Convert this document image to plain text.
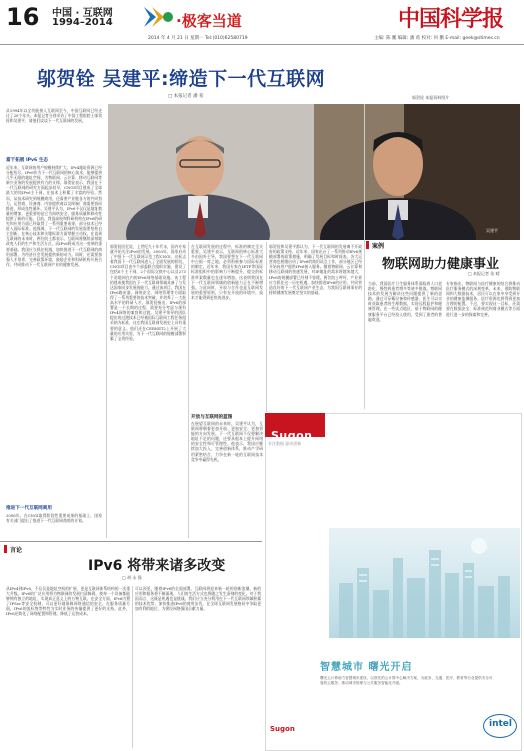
16	中国 · 互联网
1994–2014	·极客当道
2014 年 4 月 21 日 星期一 Tel:(010)62580719
中国科学报
主编: 陈 鹏 编辑: 潘 希 校对: 何 鹏 E-mail: geek@stimes.cn
邬贺铨 吴建平:缔造下一代互联网
□ 本报记者 潘 希	邬贺铨 本报资料图片
吴建平
从1994年以全功能接入互联网至今，中国互联网已经走过了20个年头。本报记者分别采访了中国工程院院士邬贺铨和吴建平，请他们谈谈下一代互联网的发展。
富于拓展 IPv6 生态
近年来，互联网的用户规模持续扩大，IPv4地址资源已经分配殆尽。IPv6作为下一代互联网的核心技术，能够提供几乎无限的地址空间，为物联网、云计算、移动互联网等新兴业务的发展提供有力的支撑。邬贺铨表示，我国在下一代互联网的研究方面起步较早，CNGI项目建成了全球最大的纯IPv6主干网，在技术上积累了丰富的经验。然而，从技术研究到规模商用，还需要产业链各方的共同努力。运营商、设备商、内容提供商以及终端厂商需要协同推进，形成良性循环。吴建平认为，IPv6不仅仅是地址数量的增加，更重要的是它为网络安全、服务质量和移动性提供了新的可能。目前，我国高校和科研机构在IPv6的研究和应用方面已经取得了一系列重要成果，部分技术已经进入国际标准。他强调，下一代互联网的发展需要坚持自主创新，在核心技术和关键标准方面掌握主动权。在谈到互联网的未来时，两位院士都表示，互联网将继续深刻地改变人们的生产和生活方式，而IPv6将成为这一变革的重要基础。我国应当抓住机遇，加快推进下一代互联网的商用部署，为经济社会发展提供新的动力。同时，还需要加强人才培养，完善政策环境，鼓励企业和科研机构开展合作，共同推动下一代互联网产业的健康发展。
推进下一代互联网商用
2006年，在CNGI取得阶段性重要成果的基础上，国家有关部门提出了推进下一代互联网商用的计划。
邬贺铨回忆说，上世纪九十年代末，国内专家就开始关注IPv6的发展。2003年，国家启动了中国下一代互联网示范工程CNGI，这标志着我国下一代互联网进入了全面发展的阶段。CNGI项目由多个部委联合组织实施，建设了包括6个主干网、2个国际交换中心以及273个驻地网在内的IPv6网络基础设施。该工程的建成使我国在下一代互联网领域具备了与发达国家同步发展的能力。通过该项目，我国在IPv6路由器、网络安全、网络管理等方面取得了一系列重要的技术突破，并培养了一大批高水平的科研人才。邬贺铨指出，IPv6的部署是一个长期的过程，需要充分考虑与现有IPv4网络的兼容和过渡。吴建平领导的团队提出的过渡技术已经被国际互联网工程任务组采纳为标准，这在我国互联网发展史上具有重要的意义。他们还在CERNET2上开展了大量的应用实验，为下一代互联网的规模部署积累了宝贵经验。
在互联网发展的过程中，标准的制定至关重要。吴建平表示，互联网的核心标准大多由国外主导，我国要想在下一代互联网中占据一席之地，必须积极参与国际标准的制定。近年来，我国专家在IETF等国际标准组织中的影响力不断提升，提交的标准草案数量也在逐年增加。这表明我国在下一代互联网领域的创新能力正在不断增强。与此同时，开放与合作也是互联网发展的重要原则，只有在开放的环境中，技术才能得到更快的进步。
开放与互联网的蓝图
在展望互联网的未来时，吴建平认为，互联网将朝着更加开放、更加安全、更加智能的方向发展。下一代互联网不仅要解决地址不足的问题，还要从根本上提升网络的安全性和可管理性。他表示，我国应继续加大投入，完善创新体系，推动产学研用紧密结合，力争在新一轮的互联网技术竞争中赢得先机。
邬贺铨和吴建平都认为，下一代互联网的发展离不开政府的政策支持。近年来，国家出台了一系列推动IPv6规模部署的政策措施，明确了发展目标和时间表。各大运营商也相继启动了IPv6的商用试点工作，部分地区已经开始向用户提供IPv6接入服务。随着物联网、云计算和移动互联网的快速发展，对IP地址的需求将越来越大，IPv6的规模部署已经刻不容缓。两位院士呼吁，产业界应当抓住这一历史机遇，加快推进IPv6的应用，共同营造良好的下一代互联网产业生态，为我国互联网事业的持续健康发展奠定坚实的基础。
案例
物联网助力健康事业
□ 本报记者 张 晴
当前，我国医疗卫生服务体系面临着人口老龄化、慢性病患者增多等诸多挑战。物联网技术的发展为解决这些问题提供了新的思路。通过可穿戴设备和传感器，医生可以实时获取患者的生理数据，实现远程监护和健康管理。在一些试点地区，基于物联网的健康服务平台已经投入使用，受到了患者的普遍欢迎。
专家指出，物联网与医疗健康的结合将推动医疗服务模式的深刻变革。未来，借助物联网和大数据技术，居民可以在家中享受到专业的健康监测服务，医疗资源也将得到更加合理的配置。不过，要实现这一目标，还需要在数据安全、标准规范和商业模式等方面进行进一步的探索和完善。
言论
IPv6 将带来诸多改变
□ 胡 永 强
从IPv4到IPv6，不仅仅是地址空间的扩展，更是互联网体系结构的一次重大升级。IPv6的广泛应用将为物联网的发展扫清障碍，使每一个设备都能够拥有独立的地址，实现真正意义上的万物互联。在安全方面，IPv6内置了IPSec等安全机制，可以更好地保障网络通信的安全。在服务质量方面，IPv6的流标签等特性为实时业务的传输提供了更好的支持。此外，IPv6还简化了网络配置和管理，降低了运营成本。
可以预见，随着IPv6的全面部署，互联网将迎来新一轮的创新浪潮。新的应用和服务将不断涌现，人们的生活方式也将随之发生深刻的变化。对于我国而言，这既是机遇也是挑战。我们应当充分利用在下一代互联网领域积累的技术优势，加快推进IPv6的商用步伐，在全球互联网发展格局中争取更加有利的地位，为建设网络强国贡献力量。
Sugon
专注数据 驱动创新
智慧城市 曙光开启
曙光云计算助力智慧城市建设，以领先的云计算中心解决方案，为政务、交通、医疗、教育等行业提供安全可靠的云服务，推动城市管理与公共服务智能化升级。
Sugon	intel
